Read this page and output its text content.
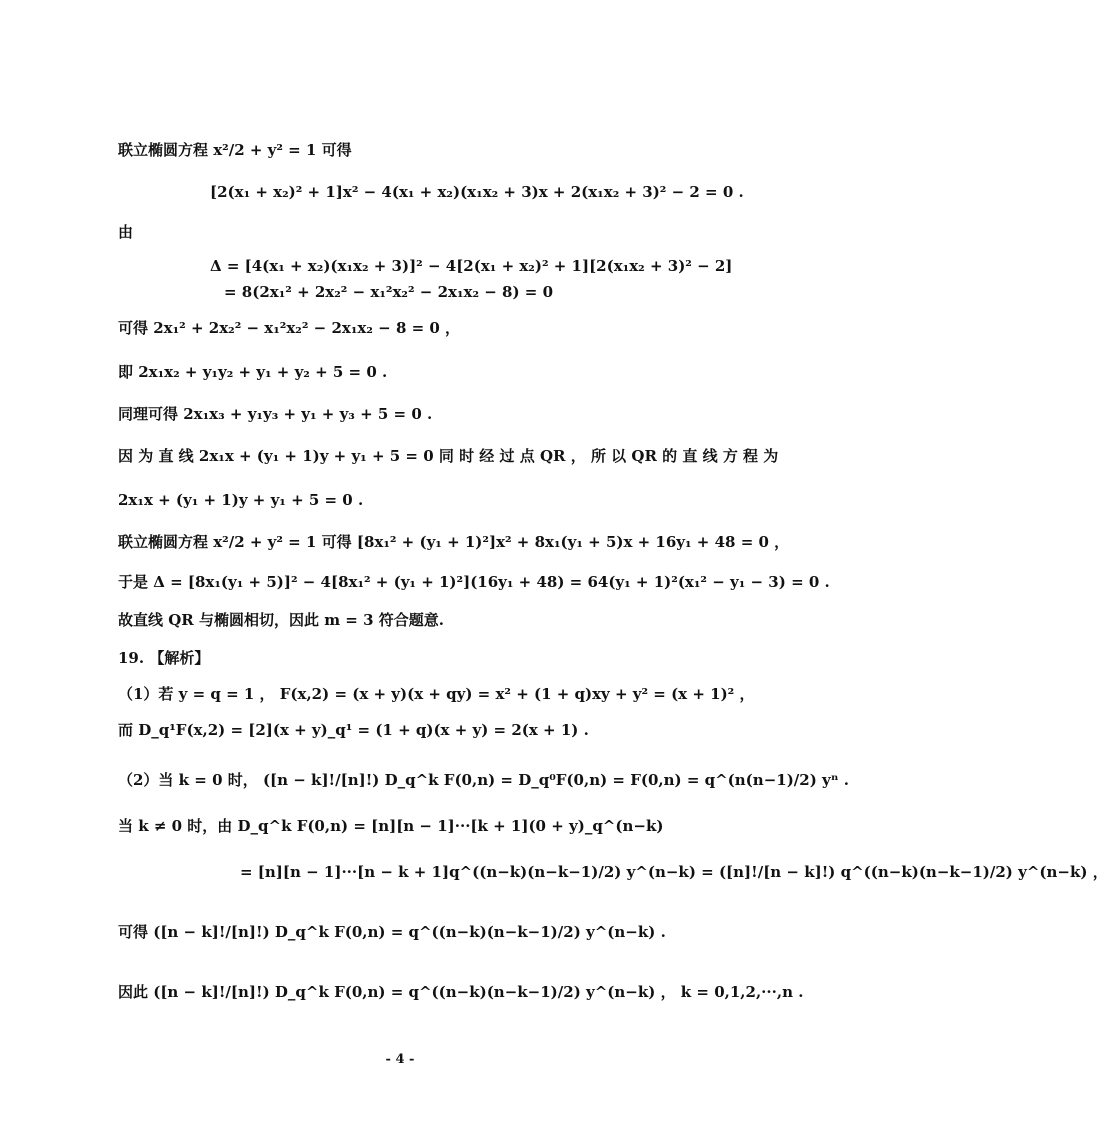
联立椭圆方程 x²/2 + y² = 1 可得
[2(x₁ + x₂)² + 1]x² − 4(x₁ + x₂)(x₁x₂ + 3)x + 2(x₁x₂ + 3)² − 2 = 0 .
由
Δ = [4(x₁ + x₂)(x₁x₂ + 3)]² − 4[2(x₁ + x₂)² + 1][2(x₁x₂ + 3)² − 2]
= 8(2x₁² + 2x₂² − x₁²x₂² − 2x₁x₂ − 8) = 0
可得 2x₁² + 2x₂² − x₁²x₂² − 2x₁x₂ − 8 = 0 ，
即 2x₁x₂ + y₁y₂ + y₁ + y₂ + 5 = 0 .
同理可得 2x₁x₃ + y₁y₃ + y₁ + y₃ + 5 = 0 .
因 为 直 线 2x₁x + (y₁ + 1)y + y₁ + 5 = 0 同 时 经 过 点 QR ， 所 以 QR 的 直 线 方 程 为
2x₁x + (y₁ + 1)y + y₁ + 5 = 0 .
联立椭圆方程 x²/2 + y² = 1 可得 [8x₁² + (y₁ + 1)²]x² + 8x₁(y₁ + 5)x + 16y₁ + 48 = 0 ，
于是 Δ = [8x₁(y₁ + 5)]² − 4[8x₁² + (y₁ + 1)²](16y₁ + 48) = 64(y₁ + 1)²(x₁² − y₁ − 3) = 0 .
故直线 QR 与椭圆相切，因此 m = 3 符合题意.
19. 【解析】
（1）若 y = q = 1 ， F(x,2) = (x + y)(x + qy) = x² + (1 + q)xy + y² = (x + 1)² ，
而 D_q¹F(x,2) = [2](x + y)_q¹ = (1 + q)(x + y) = 2(x + 1) .
（2）当 k = 0 时， ([n − k]!/[n]!) D_q^k F(0,n) = D_q⁰F(0,n) = F(0,n) = q^(n(n−1)/2) yⁿ .
当 k ≠ 0 时，由 D_q^k F(0,n) = [n][n − 1]···[k + 1](0 + y)_q^(n−k)
= [n][n − 1]···[n − k + 1]q^((n−k)(n−k−1)/2) y^(n−k) = ([n]!/[n − k]!) q^((n−k)(n−k−1)/2) y^(n−k) ，
可得 ([n − k]!/[n]!) D_q^k F(0,n) = q^((n−k)(n−k−1)/2) y^(n−k) .
因此 ([n − k]!/[n]!) D_q^k F(0,n) = q^((n−k)(n−k−1)/2) y^(n−k) ， k = 0,1,2,···,n .
- 4 -
